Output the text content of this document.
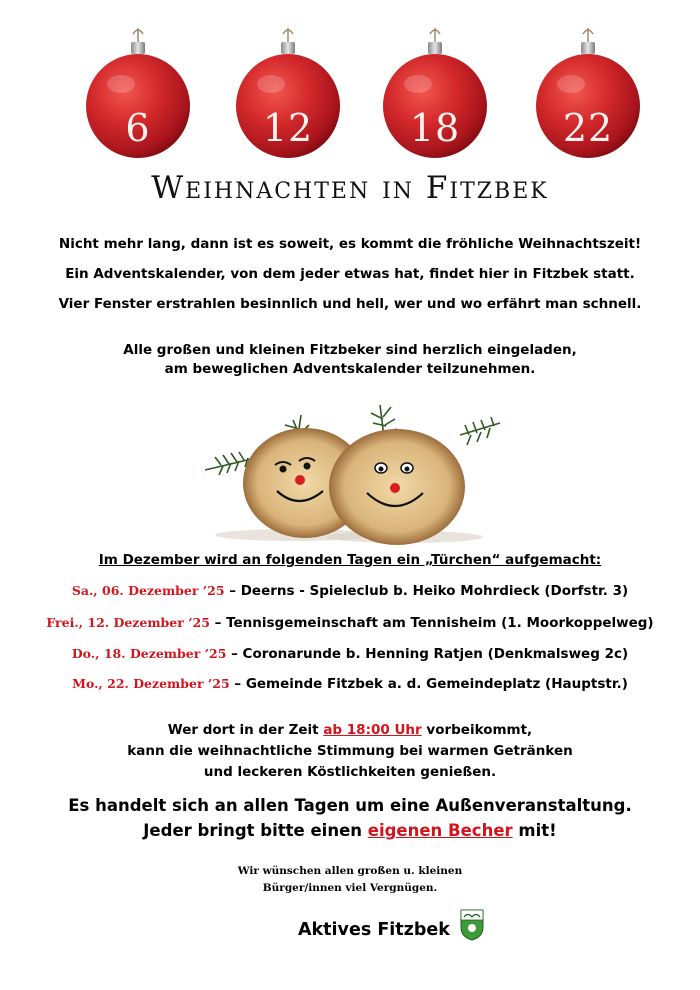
6	12	18	22
Weihnachten in Fitzbek
Nicht mehr lang, dann ist es soweit, es kommt die fröhliche Weihnachtszeit!
Ein Adventskalender, von dem jeder etwas hat, findet hier in Fitzbek statt.
Vier Fenster erstrahlen besinnlich und hell, wer und wo erfährt man schnell.
Alle großen und kleinen Fitzbeker sind herzlich eingeladen,
am beweglichen Adventskalender teilzunehmen.
Im Dezember wird an folgenden Tagen ein „Türchen“ aufgemacht:
Sa., 06. Dezember ’25 – Deerns - Spieleclub b. Heiko Mohrdieck (Dorfstr. 3)
Frei., 12. Dezember ’25 – Tennisgemeinschaft am Tennisheim (1. Moorkoppelweg)
Do., 18. Dezember ’25 – Coronarunde b. Henning Ratjen (Denkmalsweg 2c)
Mo., 22. Dezember ’25 – Gemeinde Fitzbek a. d. Gemeindeplatz (Hauptstr.)
Wer dort in der Zeit ab 18:00 Uhr vorbeikommt,
kann die weihnachtliche Stimmung bei warmen Getränken
und leckeren Köstlichkeiten genießen.
Es handelt sich an allen Tagen um eine Außenveranstaltung.
Jeder bringt bitte einen eigenen Becher mit!
Wir wünschen allen großen u. kleinen
Bürger/innen viel Vergnügen.
Aktives Fitzbek
